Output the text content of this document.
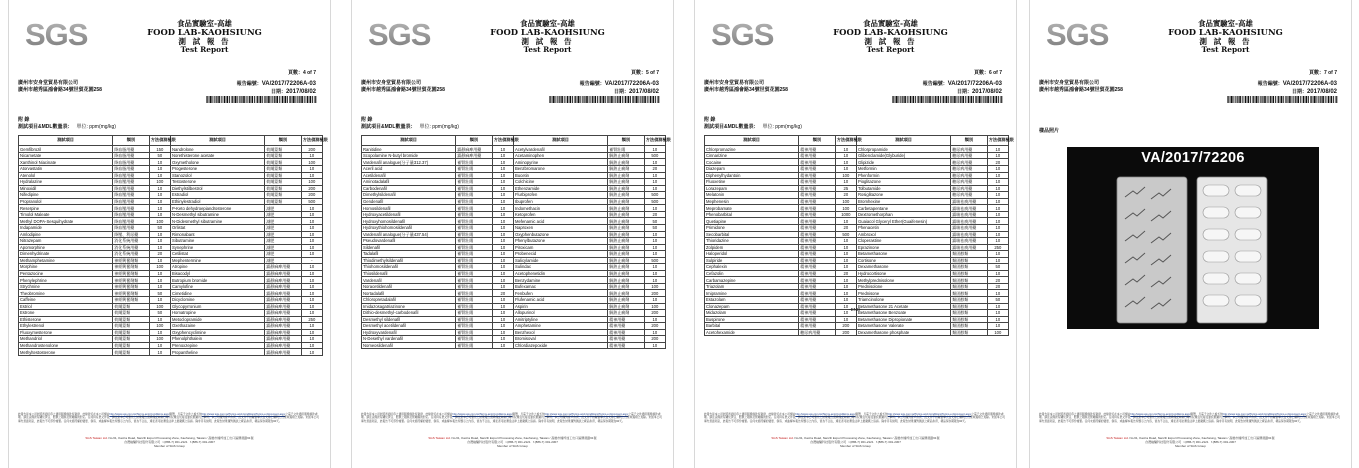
SGS	食品實驗室-高雄
FOOD LAB-KAOHSIUNG
測 試 報 告
Test Report
頁數：4 of 7
廣州市安身堂貿易有限公司
廣州市越秀區鴻會路34號世貿花園258
報告編號：VA/2017/72206A-03
日期：2017/08/02
附 錄
測試項目&MDL數量表： 單位: ppm(mg/kg)
測試項目	類別	方法偵測極限	測試項目	類別	方法偵測極限
Gemfibrozil	降血脂用藥	150	Nandrolone	荷爾蒙類	200
Nicametate	降血脂用藥	50	Norethisterone acetate	荷爾蒙類	10
Xanthinol Niacinate	降血脂用藥	10	Oxymetholone	荷爾蒙類	100
Atorvastatin	降血脂用藥	10	Progesterone	荷爾蒙類	10
Atenolol	降血壓用藥	10	Stanozolol	荷爾蒙類	10
Hydralazine	降血壓用藥	100	Testosterone	荷爾蒙類	100
Minoxidil	降血壓用藥	10	Diethylstilbestrol	荷爾蒙類	200
Nifedipine	降血壓用藥	10	Estradiol	荷爾蒙類	200
Propranolol	降血壓用藥	10	Ethinylestradiol	荷爾蒙類	500
Reserpine	降血壓用藥	10	P-Keto dehydroepiandrosterone	減肥	10
Timolol Maleate	降血壓用藥	10	N-Desmethyl sibutramine	減肥	10
Methyl DOPA-Sesquihydrate	降血壓用藥	100	N-Didesmethyl sibutramine	減肥	10
Indapamide	降血壓用藥	50	Orlistat	減肥	10
Amlodipine	降壓、利尿藥	10	Rimonabant	減肥	10
Nitrazepam	消化系統用藥	10	Sibutramine	減肥	10
Apomorphine	消化系統用藥	10	Synephrine	減肥	10
Dimenhydrinate	消化系統用藥	20	Cetilistat	減肥	10
Methamphetamine	神經興奮劑類	10	Mephentermine	減肥	-
Morphine	神經興奮劑類	100	Atropine	鎮靜麻痺用藥	10
Pentazocine	神經興奮劑類	10	Bisacodyl	鎮靜麻痺用藥	10
Phenylephrine	神經興奮劑類	10	Butropium bromide	鎮靜麻痺用藥	10
Strychnine	神經興奮劑類	10	Camylofine	鎮靜麻痺用藥	10
Theobromine	神經興奮劑類	50	Cimetidine	鎮靜麻痺用藥	10
Caffeine	神經興奮劑類	10	Dicyclomine	鎮靜麻痺用藥	10
Estriol	荷爾蒙類	100	Glycopyrronium	鎮靜麻痺用藥	10
Estrone	荷爾蒙類	50	Homatropine	鎮靜麻痺用藥	10
Ethisterone	荷爾蒙類	10	Metoclopramide	鎮靜麻痺用藥	250
Ethylestrenol	荷爾蒙類	100	Oxethazaine	鎮靜麻痺用藥	10
Fluoxymesterone	荷爾蒙類	10	Oxyphencyclimine	鎮靜麻痺用藥	10
Methandriol	荷爾蒙類	100	Phenolphthalein	鎮靜麻痺用藥	10
Methandrostenolone	荷爾蒙類	10	Prenoxzepine	鎮靜麻痺用藥	10
Methyltestosterone	荷爾蒙類	10	Propantheline	鎮靜麻痺用藥	10
此報告是本公司依照背面所印之通用服務條款所簽發，此條款可在本公司網站http://www.sgs.com.tw/Terms-and-Conditions.aspx閱覽，凡電子文件之格式依http://www.sgs.com.tw/Terms-and-Conditions/Terms-e-Document.aspx之電子文件通用服務條款處理。請注意條款有關於責任、賠償之限制及管轄權的約定。任何持有此文件者，請注意本公司製作之結果報告書將僅反映執行時所紀錄且於接受委託範圍內之事實。本公司僅對客戶負責，此文件不妨礙當事人在交易上權利之行使或義務之免除。未經本公司事先書面同意，此報告不可部份複製。任何未經授權的變更、偽造、或曲解本報告所顯示之內容，皆為不合法，違犯者可能遭受法律上最嚴厲之追訴。除非另有說明，此報告結果僅對測試之樣品負責，樣品保存期限為90天。
SGS Taiwan Ltd. No.61, Kai-Fa Road, Nanzih Export Processing Zone, Kaohsiung, Taiwan / 高雄市楠梓加工出口區開發路61號
台灣檢驗科技股份有限公司 t (886-7) 301-2121 f (886-7) 301-2307
Member of SGS Group
SGS	食品實驗室-高雄
FOOD LAB-KAOHSIUNG
測 試 報 告
Test Report
頁數：5 of 7
廣州市安身堂貿易有限公司
廣州市越秀區鴻會路34號世貿花園258
報告編號：VA/2017/72206A-03
日期：2017/08/02
附 錄
測試項目&MDL數量表： 單位: ppm(mg/kg)
測試項目	類別	方法偵測極限	測試項目	類別	方法偵測極限
Ranitidine	鎮靜麻痺用藥	10	Acetylvardenafil	補腎壯陽	10
Scopolamine N-butyl bromide	鎮靜麻痺用藥	10	Acetaminophen	解熱止痛劑	500
Vardenafil analogue(分子量312.37)	補腎壯陽	10	Aminopyrine	解熱止痛劑	10
Aceril acid	補腎壯陽	10	Benzbromarone	解熱止痛劑	20
Acetildenafil	補腎壯陽	10	Bucetin	解熱止痛劑	10
Aminotadalafil	補腎壯陽	10	Colchicine	解熱止痛劑	10
Carbodenafil	補腎壯陽	10	Ethenzamide	解熱止痛劑	10
Dimethylsildenafil	補腎壯陽	10	Flurbiprofen	解熱止痛劑	500
Gendenafil	補腎壯陽	10	Ibuprofen	解熱止痛劑	500
Homosildenafil	補腎壯陽	10	Indomethacin	解熱止痛劑	10
Hydroxyacetildenafil	補腎壯陽	10	Ketoprofen	解熱止痛劑	20
Hydroxyhomosildenafil	補腎壯陽	10	Mefenamic acid	解熱止痛劑	50
Hydroxythiohomosildenafil	補腎壯陽	10	Naproxen	解熱止痛劑	50
Vardenafil analogue(分子量437.54)	補腎壯陽	10	Oxyphenbutazone	解熱止痛劑	10
Pseudovardenafil	補腎壯陽	10	Phenylbutazone	解熱止痛劑	10
Sildenafil	補腎壯陽	10	Piroxicam	解熱止痛劑	10
Tadalafil	補腎壯陽	10	Probenecid	解熱止痛劑	10
Thiodimethylsildenafil	補腎壯陽	10	Salicylamide	解熱止痛劑	500
Thiohomosildenafil	補腎壯陽	10	Sulindac	解熱止痛劑	10
Thiosildenafil	補腎壯陽	10	Acetophenetidin	解熱止痛劑	10
Vardenafil	補腎壯陽	10	Benzydamine	解熱止痛劑	10
Noracetildenafil	補腎壯陽	10	Bufexamac	解熱止痛劑	100
Nortadalafil	補腎壯陽	20	Fenbufen	解熱止痛劑	200
Chloropretadalafil	補腎壯陽	10	Flufenamic acid	解熱止痛劑	10
Imidazosagatriazinone	補腎壯陽	10	Aspirin	解熱止痛劑	100
Dithio-desmethyl-carbodenafil	補腎壯陽	10	Allopurinol	解熱止痛劑	200
Desmethyl sildenafil	補腎壯陽	10	Amitriptyline	精神用藥	10
Desmethyl acetildenafil	補腎壯陽	10	Amphetamine	精神用藥	200
Hydroxyvardenafil	補腎壯陽	10	Benzhexol	精神用藥	10
N-Desethyl vardenafil	補腎壯陽	10	Bromisoval	精神用藥	200
Nomeosildenafil	補腎壯陽	10	Chlordiazepoxide	精神用藥	10
此報告是本公司依照背面所印之通用服務條款所簽發，此條款可在本公司網站http://www.sgs.com.tw/Terms-and-Conditions.aspx閱覽，凡電子文件之格式依http://www.sgs.com.tw/Terms-and-Conditions/Terms-e-Document.aspx之電子文件通用服務條款處理。請注意條款有關於責任、賠償之限制及管轄權的約定。任何持有此文件者，請注意本公司製作之結果報告書將僅反映執行時所紀錄且於接受委託範圍內之事實。本公司僅對客戶負責，此文件不妨礙當事人在交易上權利之行使或義務之免除。未經本公司事先書面同意，此報告不可部份複製。任何未經授權的變更、偽造、或曲解本報告所顯示之內容，皆為不合法，違犯者可能遭受法律上最嚴厲之追訴。除非另有說明，此報告結果僅對測試之樣品負責，樣品保存期限為90天。
SGS Taiwan Ltd. No.61, Kai-Fa Road, Nanzih Export Processing Zone, Kaohsiung, Taiwan / 高雄市楠梓加工出口區開發路61號
台灣檢驗科技股份有限公司 t (886-7) 301-2121 f (886-7) 301-2307
Member of SGS Group
SGS	食品實驗室-高雄
FOOD LAB-KAOHSIUNG
測 試 報 告
Test Report
頁數：6 of 7
廣州市安身堂貿易有限公司
廣州市越秀區鴻會路34號世貿花園258
報告編號：VA/2017/72206A-03
日期：2017/08/02
附 錄
測試項目&MDL數量表： 單位: ppm(mg/kg)
測試項目	類別	方法偵測極限	測試項目	類別	方法偵測極限
Chlorpromazine	精神用藥	10	Chlorpropamide	糖尿病用藥	10
Cinnarizine	精神用藥	10	Glibenclamide(Glyburide)	糖尿病用藥	10
Cocaine	精神用藥	10	Glipizide	糖尿病用藥	20
Diazepam	精神用藥	10	Metformin	糖尿病用藥	10
Diphenylhydantoin	精神用藥	100	Phenformin	糖尿病用藥	10
Fluoxetine	精神用藥	10	Pioglitazone	糖尿病用藥	10
Lorazepam	精神用藥	25	Tolbutamide	糖尿病用藥	10
Melatonin	精神用藥	20	Rosiglitazone	糖尿病用藥	10
Mephenesin	精神用藥	100	Bromhexine	鎮咳祛痰用藥	10
Meprobamate	精神用藥	100	Carbetapentane	鎮咳祛痰用藥	10
Phenobarbital	精神用藥	1000	Dextromethorphan	鎮咳祛痰用藥	10
Quetiapine	精神用藥	10	Guaiacol Glyceryl Ether(Guaifenesin)	鎮咳祛痰用藥	10
Primidone	精神用藥	20	Phenacetin	鎮咳祛痰用藥	10
Secobarbital	精神用藥	500	Ambroxol	鎮咳祛痰用藥	10
Thioridazine	精神用藥	10	Cloperastine	鎮咳祛痰用藥	10
Zolpidem	精神用藥	10	Eprazinone	鎮咳祛痰用藥	250
Haloperidol	精神用藥	10	Betamethasone	類固醇類	10
Sulpiride	精神用藥	10	Cortisone	類固醇類	10
Cephalexin	精神用藥	10	Dexamethasone	類固醇類	50
Cefazolin	精神用藥	20	Hydrocortisone	類固醇類	10
Carbamazepine	精神用藥	10	Methylprednisolone	類固醇類	20
Triazolam	精神用藥	10	Prednisolone	類固醇類	20
Imipramine	精神用藥	10	Prednisone	類固醇類	10
Estazolam	精神用藥	10	Triamcinolone	類固醇類	50
Clonazepam	精神用藥	10	Betamethasone 21 Acetate	類固醇類	10
Midazolam	精神用藥	10	Betamethasone Benzoate	類固醇類	10
Buspirone	精神用藥	10	Betamethasone Dipropionate	類固醇類	10
Barbital	精神用藥	200	Betamethasone Valerate	類固醇類	10
Acetohexamide	糖尿病用藥	200	Dexamethasone phosphate	類固醇類	100
-END-
此報告是本公司依照背面所印之通用服務條款所簽發，此條款可在本公司網站http://www.sgs.com.tw/Terms-and-Conditions.aspx閱覽，凡電子文件之格式依http://www.sgs.com.tw/Terms-and-Conditions/Terms-e-Document.aspx之電子文件通用服務條款處理。請注意條款有關於責任、賠償之限制及管轄權的約定。任何持有此文件者，請注意本公司製作之結果報告書將僅反映執行時所紀錄且於接受委託範圍內之事實。本公司僅對客戶負責，此文件不妨礙當事人在交易上權利之行使或義務之免除。未經本公司事先書面同意，此報告不可部份複製。任何未經授權的變更、偽造、或曲解本報告所顯示之內容，皆為不合法，違犯者可能遭受法律上最嚴厲之追訴。除非另有說明，此報告結果僅對測試之樣品負責，樣品保存期限為90天。
SGS Taiwan Ltd. No.61, Kai-Fa Road, Nanzih Export Processing Zone, Kaohsiung, Taiwan / 高雄市楠梓加工出口區開發路61號
台灣檢驗科技股份有限公司 t (886-7) 301-2121 f (886-7) 301-2307
Member of SGS Group
SGS	食品實驗室-高雄
FOOD LAB-KAOHSIUNG
測 試 報 告
Test Report
頁數：7 of 7
廣州市安身堂貿易有限公司
廣州市越秀區鴻會路34號世貿花園258
報告編號：VA/2017/72206A-03
日期：2017/08/02
樣品照片
VA/2017/72206
此報告是本公司依照背面所印之通用服務條款所簽發，此條款可在本公司網站http://www.sgs.com.tw/Terms-and-Conditions.aspx閱覽，凡電子文件之格式依http://www.sgs.com.tw/Terms-and-Conditions/Terms-e-Document.aspx之電子文件通用服務條款處理。請注意條款有關於責任、賠償之限制及管轄權的約定。任何持有此文件者，請注意本公司製作之結果報告書將僅反映執行時所紀錄且於接受委託範圍內之事實。本公司僅對客戶負責，此文件不妨礙當事人在交易上權利之行使或義務之免除。未經本公司事先書面同意，此報告不可部份複製。任何未經授權的變更、偽造、或曲解本報告所顯示之內容，皆為不合法，違犯者可能遭受法律上最嚴厲之追訴。除非另有說明，此報告結果僅對測試之樣品負責，樣品保存期限為90天。
SGS Taiwan Ltd. No.61, Kai-Fa Road, Nanzih Export Processing Zone, Kaohsiung, Taiwan / 高雄市楠梓加工出口區開發路61號
台灣檢驗科技股份有限公司 t (886-7) 301-2121 f (886-7) 301-2307
Member of SGS Group
